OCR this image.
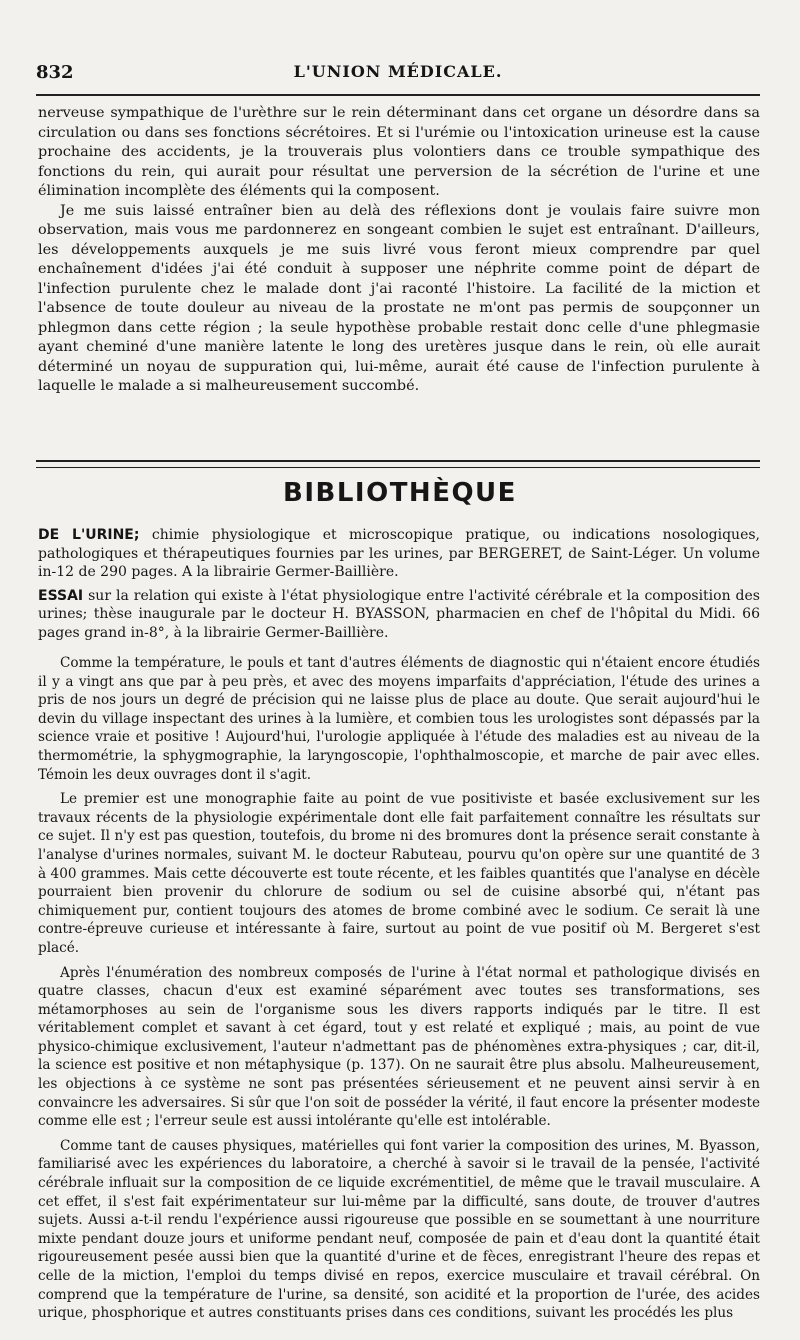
832	L'UNION MÉDICALE.

nerveuse sympathique de l'urèthre sur le rein déterminant dans cet organe un désordre dans sa circulation ou dans ses fonctions sécrétoires. Et si l'urémie ou l'intoxication urineuse est la cause prochaine des accidents, je la trouverais plus volontiers dans ce trouble sympathique des fonctions du rein, qui aurait pour résultat une perversion de la sécrétion de l'urine et une élimination incomplète des éléments qui la composent.

Je me suis laissé entraîner bien au delà des réflexions dont je voulais faire suivre mon observation, mais vous me pardonnerez en songeant combien le sujet est entraînant. D'ailleurs, les développements auxquels je me suis livré vous feront mieux comprendre par quel enchaînement d'idées j'ai été conduit à supposer une néphrite comme point de départ de l'infection purulente chez le malade dont j'ai raconté l'histoire. La facilité de la miction et l'absence de toute douleur au niveau de la prostate ne m'ont pas permis de soupçonner un phlegmon dans cette région ; la seule hypothèse probable restait donc celle d'une phlegmasie ayant cheminé d'une manière latente le long des uretères jusque dans le rein, où elle aurait déterminé un noyau de suppuration qui, lui-même, aurait été cause de l'infection purulente à laquelle le malade a si malheureusement succombé.

BIBLIOTHÈQUE

DE L'URINE; chimie physiologique et microscopique pratique, ou indications nosologiques, pathologiques et thérapeutiques fournies par les urines, par BERGERET, de Saint-Léger. Un volume in-12 de 290 pages. A la librairie Germer-Baillière.

ESSAI sur la relation qui existe à l'état physiologique entre l'activité cérébrale et la composition des urines; thèse inaugurale par le docteur H. BYASSON, pharmacien en chef de l'hôpital du Midi. 66 pages grand in-8°, à la librairie Germer-Baillière.

Comme la température, le pouls et tant d'autres éléments de diagnostic qui n'étaient encore étudiés il y a vingt ans que par à peu près, et avec des moyens imparfaits d'appréciation, l'étude des urines a pris de nos jours un degré de précision qui ne laisse plus de place au doute. Que serait aujourd'hui le devin du village inspectant des urines à la lumière, et combien tous les urologistes sont dépassés par la science vraie et positive ! Aujourd'hui, l'urologie appliquée à l'étude des maladies est au niveau de la thermométrie, la sphygmographie, la laryngoscopie, l'ophthalmoscopie, et marche de pair avec elles. Témoin les deux ouvrages dont il s'agit.

Le premier est une monographie faite au point de vue positiviste et basée exclusivement sur les travaux récents de la physiologie expérimentale dont elle fait parfaitement connaître les résultats sur ce sujet. Il n'y est pas question, toutefois, du brome ni des bromures dont la présence serait constante à l'analyse d'urines normales, suivant M. le docteur Rabuteau, pourvu qu'on opère sur une quantité de 3 à 400 grammes. Mais cette découverte est toute récente, et les faibles quantités que l'analyse en décèle pourraient bien provenir du chlorure de sodium ou sel de cuisine absorbé qui, n'étant pas chimiquement pur, contient toujours des atomes de brome combiné avec le sodium. Ce serait là une contre-épreuve curieuse et intéressante à faire, surtout au point de vue positif où M. Bergeret s'est placé.

Après l'énumération des nombreux composés de l'urine à l'état normal et pathologique divisés en quatre classes, chacun d'eux est examiné séparément avec toutes ses transformations, ses métamorphoses au sein de l'organisme sous les divers rapports indiqués par le titre. Il est véritablement complet et savant à cet égard, tout y est relaté et expliqué ; mais, au point de vue physico-chimique exclusivement, l'auteur n'admettant pas de phénomènes extra-physiques ; car, dit-il, la science est positive et non métaphysique (p. 137). On ne saurait être plus absolu. Malheureusement, les objections à ce système ne sont pas présentées sérieusement et ne peuvent ainsi servir à en convaincre les adversaires. Si sûr que l'on soit de posséder la vérité, il faut encore la présenter modeste comme elle est ; l'erreur seule est aussi intolérante qu'elle est intolérable.

Comme tant de causes physiques, matérielles qui font varier la composition des urines, M. Byasson, familiarisé avec les expériences du laboratoire, a cherché à savoir si le travail de la pensée, l'activité cérébrale influait sur la composition de ce liquide excrémentitiel, de même que le travail musculaire. A cet effet, il s'est fait expérimentateur sur lui-même par la difficulté, sans doute, de trouver d'autres sujets. Aussi a-t-il rendu l'expérience aussi rigoureuse que possible en se soumettant à une nourriture mixte pendant douze jours et uniforme pendant neuf, composée de pain et d'eau dont la quantité était rigoureusement pesée aussi bien que la quantité d'urine et de fèces, enregistrant l'heure des repas et celle de la miction, l'emploi du temps divisé en repos, exercice musculaire et travail cérébral. On comprend que la température de l'urine, sa densité, son acidité et la proportion de l'urée, des acides urique, phosphorique et autres constituants prises dans ces conditions, suivant les procédés les plus
